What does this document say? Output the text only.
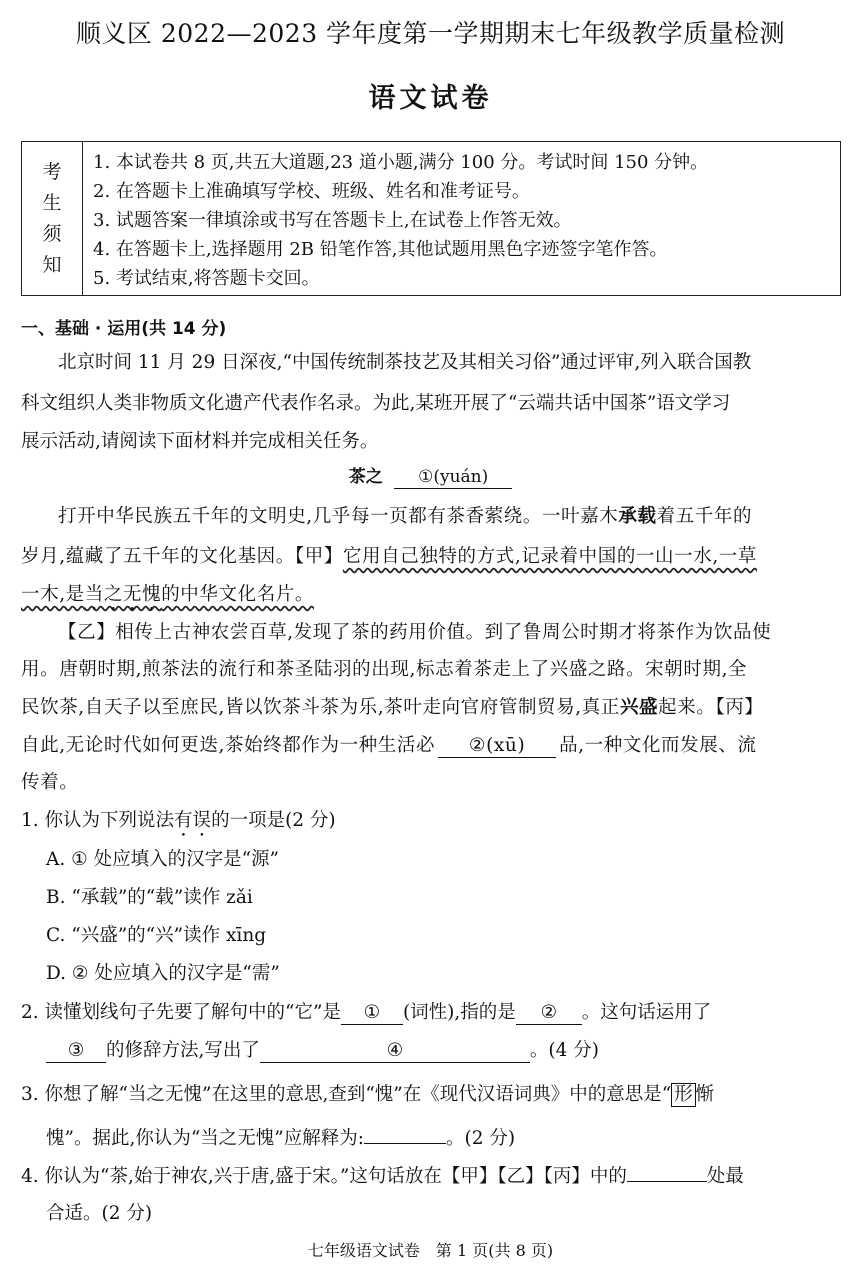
顺义区 2022—2023 学年度第一学期期末七年级教学质量检测
语文试卷
考
生
须
知
1. 本试卷共 8 页,共五大道题,23 道小题,满分 100 分。考试时间 150 分钟。
2. 在答题卡上准确填写学校、班级、姓名和准考证号。
3. 试题答案一律填涂或书写在答题卡上,在试卷上作答无效。
4. 在答题卡上,选择题用 2B 铅笔作答,其他试题用黑色字迹签字笔作答。
5. 考试结束,将答题卡交回。
一、基础 · 运用(共 14 分)
北京时间 11 月 29 日深夜,“中国传统制茶技艺及其相关习俗”通过评审,列入联合国教
科文组织人类非物质文化遗产代表作名录。为此,某班开展了“云端共话中国茶”语文学习
展示活动,请阅读下面材料并完成相关任务。
茶之 ①(yuán)
打开中华民族五千年的文明史,几乎每一页都有茶香萦绕。一叶嘉木承载着五千年的
岁月,蕴藏了五千年的文化基因。【甲】它用自己独特的方式,记录着中国的一山一水,一草
一木,是当之无愧的中华文化名片。
【乙】相传上古神农尝百草,发现了茶的药用价值。到了鲁周公时期才将茶作为饮品使
用。唐朝时期,煎茶法的流行和茶圣陆羽的出现,标志着茶走上了兴盛之路。宋朝时期,全
民饮茶,自天子以至庶民,皆以饮茶斗茶为乐,茶叶走向官府管制贸易,真正兴盛起来。【丙】
自此,无论时代如何更迭,茶始终都作为一种生活必 ②(xū) 品,一种文化而发展、流
传着。
1. 你认为下列说法有误的一项是(2 分)
A. ① 处应填入的汉字是“源”
B. “承载”的“载”读作 zǎi
C. “兴盛”的“兴”读作 xīng
D. ② 处应填入的汉字是“需”
2. 读懂划线句子先要了解句中的“它”是 ① (词性),指的是 ② 。这句话运用了
③ 的修辞方法,写出了	④	。(4 分)
3. 你想了解“当之无愧”在这里的意思,查到“愧”在《现代汉语词典》中的意思是“ 形 惭
愧”。据此,你认为“当之无愧”应解释为:	。(2 分)
4. 你认为“茶,始于神农,兴于唐,盛于宋。”这句话放在【甲】【乙】【丙】中的	处最
合适。(2 分)
七年级语文试卷　第 1 页(共 8 页)
